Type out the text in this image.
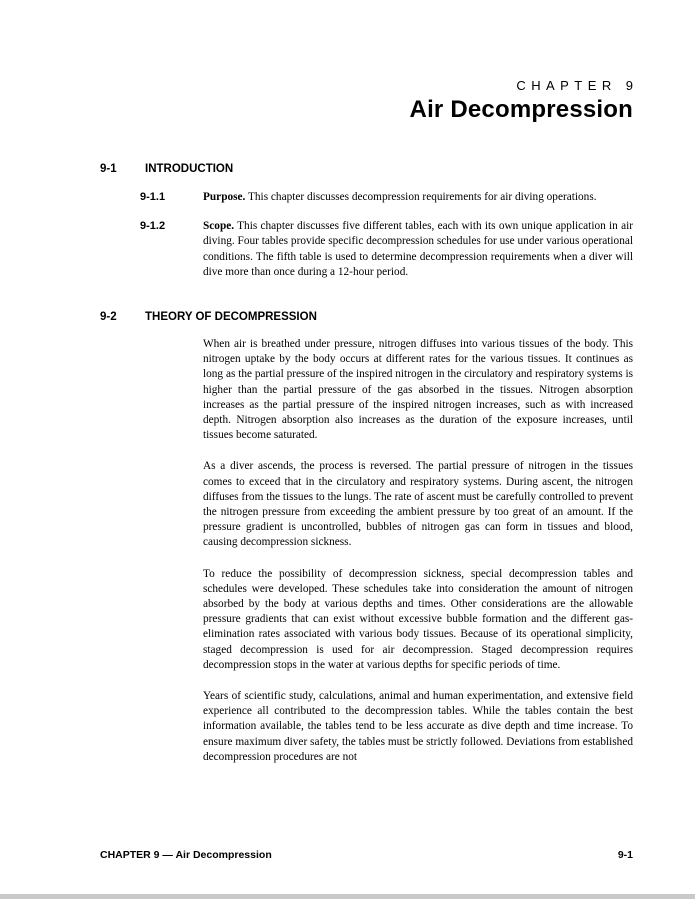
CHAPTER 9
Air Decompression
9-1	INTRODUCTION
9-1.1	Purpose. This chapter discusses decompression requirements for air diving operations.

9-1.2	Scope. This chapter discusses five different tables, each with its own unique application in air diving. Four tables provide specific decompression schedules for use under various operational conditions. The fifth table is used to determine decompression requirements when a diver will dive more than once during a 12-hour period.

9-2	THEORY OF DECOMPRESSION

When air is breathed under pressure, nitrogen diffuses into various tissues of the body. This nitrogen uptake by the body occurs at different rates for the various tissues. It continues as long as the partial pressure of the inspired nitrogen in the circulatory and respiratory systems is higher than the partial pressure of the gas absorbed in the tissues. Nitrogen absorption increases as the partial pressure of the inspired nitrogen increases, such as with increased depth. Nitrogen absorption also increases as the duration of the exposure increases, until tissues become saturated.

As a diver ascends, the process is reversed. The partial pressure of nitrogen in the tissues comes to exceed that in the circulatory and respiratory systems. During ascent, the nitrogen diffuses from the tissues to the lungs. The rate of ascent must be carefully controlled to prevent the nitrogen pressure from exceeding the ambient pressure by too great of an amount. If the pressure gradient is uncontrolled, bubbles of nitrogen gas can form in tissues and blood, causing decompression sickness.

To reduce the possibility of decompression sickness, special decompression tables and schedules were developed. These schedules take into consideration the amount of nitrogen absorbed by the body at various depths and times. Other considerations are the allowable pressure gradients that can exist without excessive bubble formation and the different gas-elimination rates associated with various body tissues. Because of its operational simplicity, staged decompression is used for air decompression. Staged decompression requires decompression stops in the water at various depths for specific periods of time.

Years of scientific study, calculations, animal and human experimentation, and extensive field experience all contributed to the decompression tables. While the tables contain the best information available, the tables tend to be less accurate as dive depth and time increase. To ensure maximum diver safety, the tables must be strictly followed. Deviations from established decompression procedures are not

CHAPTER 9 — Air Decompression	9-1
